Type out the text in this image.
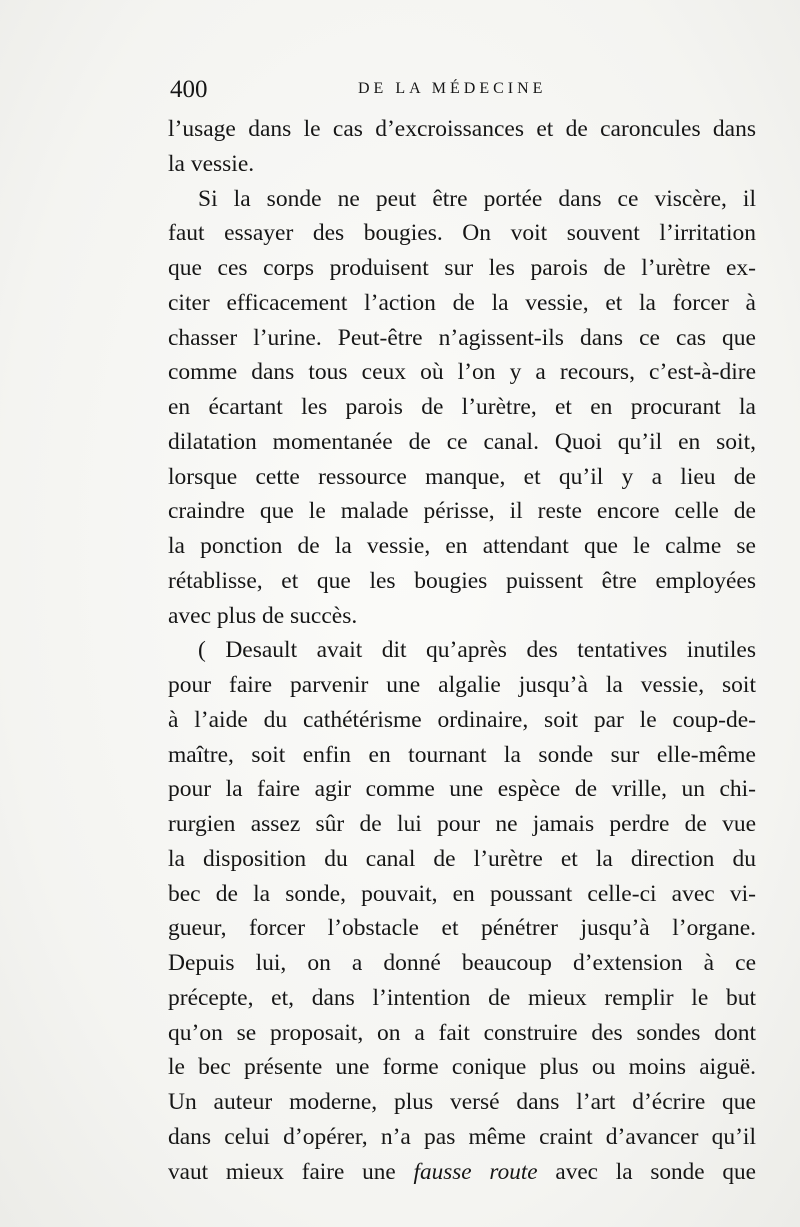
400	DE LA MÉDECINE
l’usage dans le cas d’excroissances et de caroncules dans
la vessie.
Si la sonde ne peut être portée dans ce viscère, il
faut essayer des bougies. On voit souvent l’irritation
que ces corps produisent sur les parois de l’urètre ex-
citer efficacement l’action de la vessie, et la forcer à
chasser l’urine. Peut-être n’agissent-ils dans ce cas que
comme dans tous ceux où l’on y a recours, c’est-à-dire
en écartant les parois de l’urètre, et en procurant la
dilatation momentanée de ce canal. Quoi qu’il en soit,
lorsque cette ressource manque, et qu’il y a lieu de
craindre que le malade périsse, il reste encore celle de
la ponction de la vessie, en attendant que le calme se
rétablisse, et que les bougies puissent être employées
avec plus de succès.
( Desault avait dit qu’après des tentatives inutiles
pour faire parvenir une algalie jusqu’à la vessie, soit
à l’aide du cathétérisme ordinaire, soit par le coup-de-
maître, soit enfin en tournant la sonde sur elle-même
pour la faire agir comme une espèce de vrille, un chi-
rurgien assez sûr de lui pour ne jamais perdre de vue
la disposition du canal de l’urètre et la direction du
bec de la sonde, pouvait, en poussant celle-ci avec vi-
gueur, forcer l’obstacle et pénétrer jusqu’à l’organe.
Depuis lui, on a donné beaucoup d’extension à ce
précepte, et, dans l’intention de mieux remplir le but
qu’on se proposait, on a fait construire des sondes dont
le bec présente une forme conique plus ou moins aiguë.
Un auteur moderne, plus versé dans l’art d’écrire que
dans celui d’opérer, n’a pas même craint d’avancer qu’il
vaut mieux faire une fausse route avec la sonde que
